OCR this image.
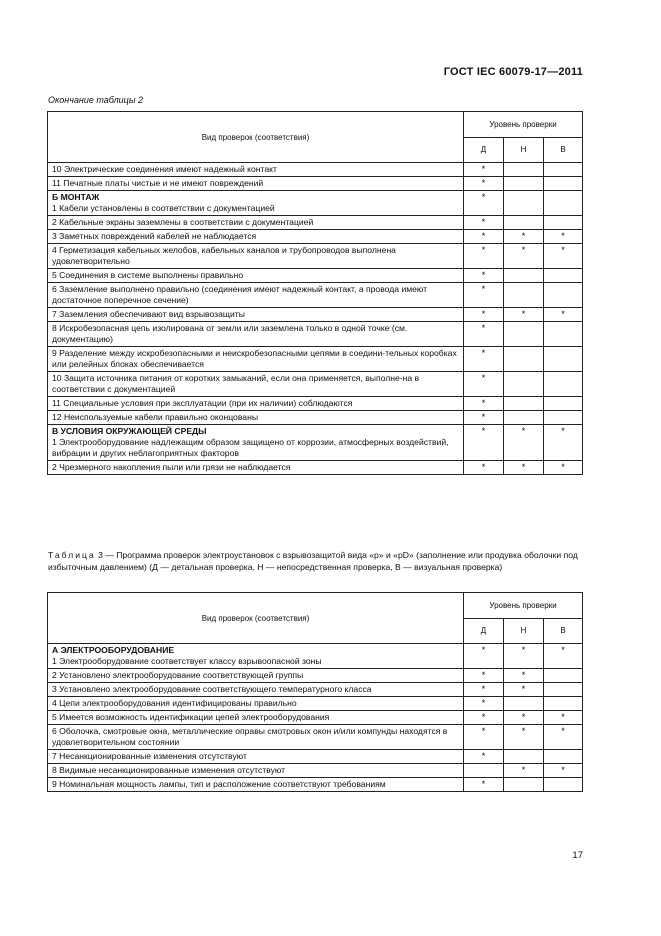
ГОСТ IEC 60079-17—2011
Окончание таблицы 2
Вид проверок (соответствия)	Уровень проверки		
	Д	Н	В
10 Электрические соединения имеют надежный контакт	*		
11 Печатные платы чистые и не имеют повреждений	*		

Б МОНТАЖ
1 Кабели установлены в соответствии с документацией	*		
2 Кабельные экраны заземлены в соответствии с документацией	*		
3 Заметных повреждений кабелей не наблюдается	*	*	*
4 Герметизация кабельных желобов, кабельных каналов и трубопроводов выполнена удовлетворительно	*	*	*
5 Соединения в системе выполнены правильно	*		
6 Заземление выполнено правильно (соединения имеют надежный контакт, а провода имеют достаточное поперечное сечение)	*		
7 Заземления обеспечивают вид взрывозащиты	*	*	*
8 Искробезопасная цепь изолирована от земли или заземлена только в одной точке (см. документацию)	*		
9 Разделение между искробезопасными и неискробезопасными цепями в соедини-тельных коробках или релейных блоках обеспечивается	*		
10 Защита источника питания от коротких замыканий, если она применяется, выполне-на в соответствии с документацией	*		
11 Специальные условия при эксплуатации (при их наличии) соблюдаются	*		
12 Неиспользуемые кабели правильно оконцованы	*		

В УСЛОВИЯ ОКРУЖАЮЩЕЙ СРЕДЫ
1 Электрооборудование надлежащим образом защищено от коррозии, атмосферных воздействий, вибрации и других неблагоприятных факторов	*	*	*
2 Чрезмерного накопления пыли или грязи не наблюдается	*	*	*
Таблица 3 — Программа проверок электроустановок с взрывозащитой вида «р» и «pD» (заполнение или продувка оболочки под избыточным давлением) (Д — детальная проверка, Н — непосредственная проверка, В — визуальная проверка)
Вид проверок (соответствия)	Уровень проверки		
	Д	Н	В

А ЭЛЕКТРООБОРУДОВАНИЕ
1 Электрооборудование соответствует классу взрывоопасной зоны	*	*	*
2 Установлено электрооборудование соответствующей группы	*	*	
3 Установлено электрооборудование соответствующего температурного класса	*	*	
4 Цепи электрооборудования идентифицированы правильно	*		
5 Имеется возможность идентификации цепей электрооборудования	*	*	*
6 Оболочка, смотровые окна, металлические оправы смотровых окон и/или компунды находятся в удовлетворительном состоянии	*	*	*
7 Несанкционированные изменения отсутствуют	*		
8 Видимые несанкционированные изменения отсутствуют		*	*
9 Номинальная мощность лампы, тип и расположение соответствуют требованиям	*		
17
